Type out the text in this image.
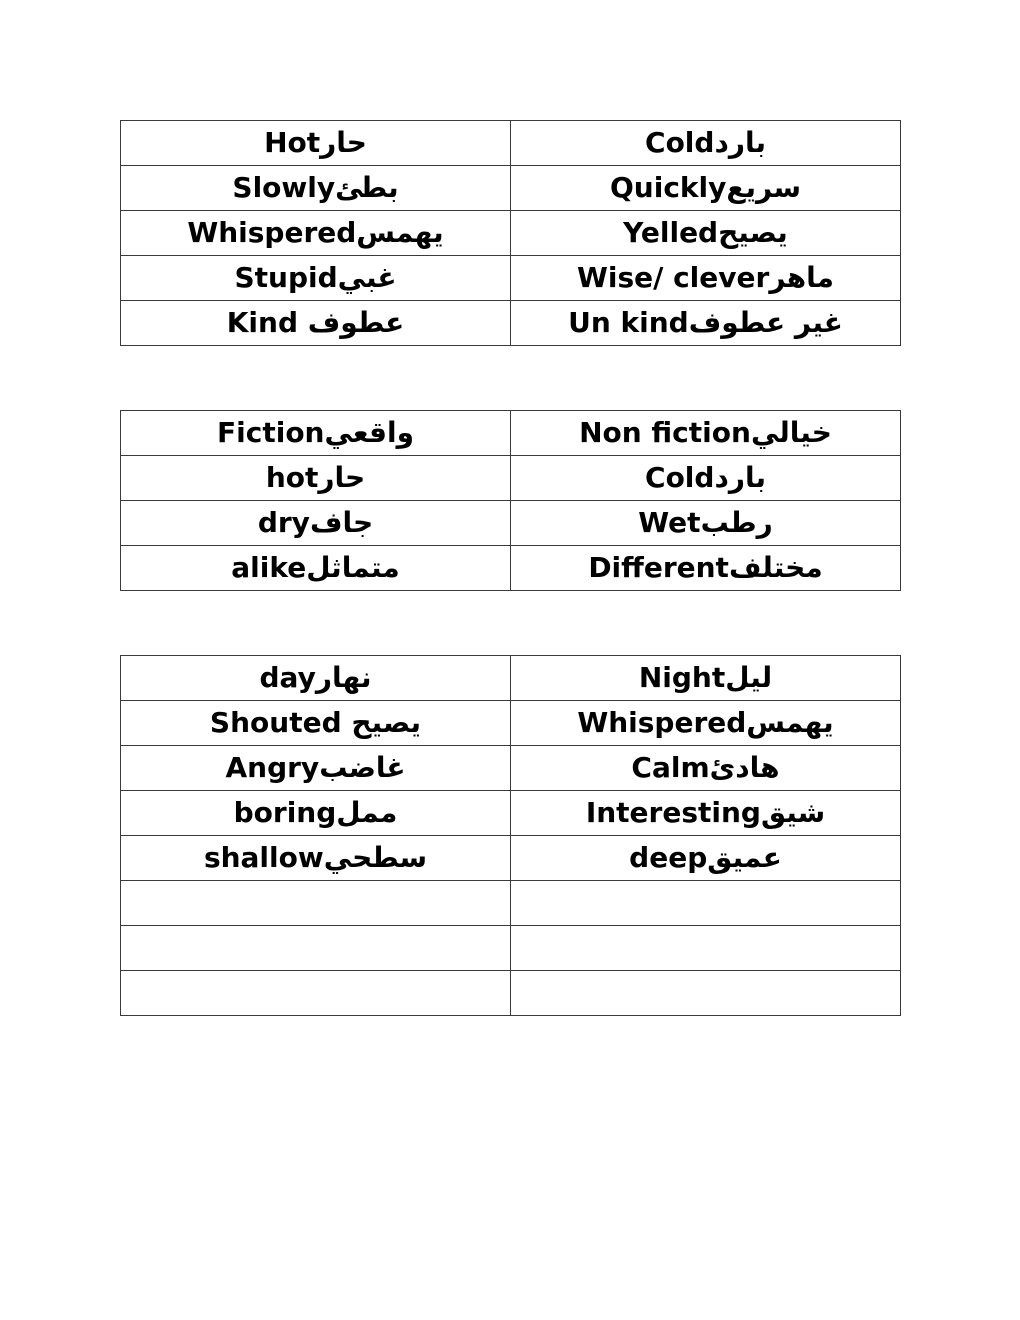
Hotحار	Coldبارد
Slowlyبطئ	Quicklyسريع
Whisperedيهمس	Yelledيصيح
Stupidغبي	Wise/ cleverماهر
Kind عطوف	Un kindغير عطوف
Fictionواقعي	Non fictionخيالي
hotحار	Coldبارد
dryجاف	Wetرطب
alikeمتماثل	Differentمختلف
dayنهار	Nightليل
Shouted يصيح	Whisperedيهمس
Angryغاضب	Calmهادئ
boringممل	Interestingشيق
shallowسطحي	deepعميق
